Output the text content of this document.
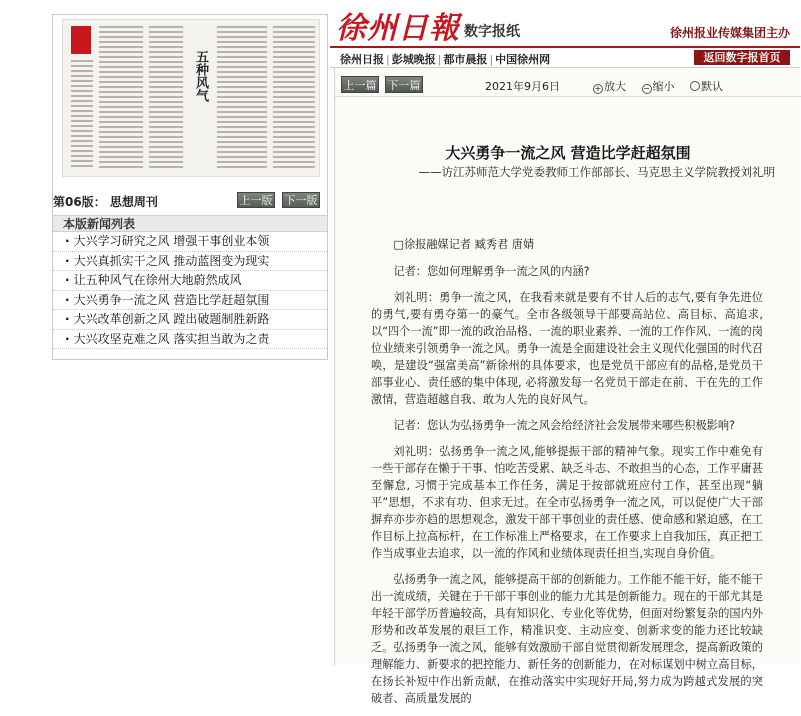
徐州日報 数字报纸	徐州报业传媒集团主办
徐州日报 | 彭城晚报 | 都市晨报 | 中国徐州网	返回数字报首页
五种风气
第06版： 思想周刊	上一版 下一版
本版新闻列表
· 大兴学习研究之风 增强干事创业本领
· 大兴真抓实干之风 推动蓝图变为现实
· 让五种风气在徐州大地蔚然成风
· 大兴勇争一流之风 营造比学赶超氛围
· 大兴改革创新之风 蹚出破题制胜新路
· 大兴攻坚克难之风 落实担当敢为之责
上一篇 下一篇	2021年9月6日	+ 放大 − 缩小 默认
大兴勇争一流之风 营造比学赶超氛围
——访江苏师范大学党委教师工作部部长、马克思主义学院教授刘礼明

□徐报融媒记者 臧秀君 唐婧

记者：您如何理解勇争一流之风的内涵?

刘礼明：勇争一流之风，在我看来就是要有不甘人后的志气,要有争先进位的勇气,要有勇夺第一的豪气。全市各级领导干部要高站位、高目标、高追求,以“四个一流”即一流的政治品格、一流的职业素养、一流的工作作风、一流的岗位业绩来引领勇争一流之风。勇争一流是全面建设社会主义现代化强国的时代召唤，是建设“强富美高”新徐州的具体要求，也是党员干部应有的品格,是党员干部事业心、责任感的集中体现, 必将激发每一名党员干部走在前、干在先的工作激情，营造超越自我、敢为人先的良好风气。

记者：您认为弘扬勇争一流之风会给经济社会发展带来哪些积极影响?

刘礼明：弘扬勇争一流之风,能够提振干部的精神气象。现实工作中难免有一些干部存在懒于干事、怕吃苦受累、缺乏斗志、不敢担当的心态，工作平庸甚至懈怠, 习惯于完成基本工作任务，满足于按部就班应付工作，甚至出现“躺平”思想，不求有功、但求无过。在全市弘扬勇争一流之风，可以促使广大干部摒弃亦步亦趋的思想观念，激发干部干事创业的责任感、使命感和紧迫感，在工作目标上拉高标杆，在工作标准上严格要求，在工作要求上自我加压，真正把工作当成事业去追求，以一流的作风和业绩体现责任担当,实现自身价值。

弘扬勇争一流之风，能够提高干部的创新能力。工作能不能干好，能不能干出一流成绩，关键在于干部干事创业的能力尤其是创新能力。现在的干部尤其是年轻干部学历普遍较高，具有知识化、专业化等优势，但面对纷繁复杂的国内外形势和改革发展的艰巨工作，精准识变、主动应变、创新求变的能力还比较缺乏。弘扬勇争一流之风，能够有效激励干部自觉贯彻新发展理念，提高新政策的理解能力、新要求的把控能力、新任务的创新能力，在对标谋划中树立高目标，在扬长补短中作出新贡献，在推动落实中实现好开局,努力成为跨越式发展的突破者、高质量发展的
